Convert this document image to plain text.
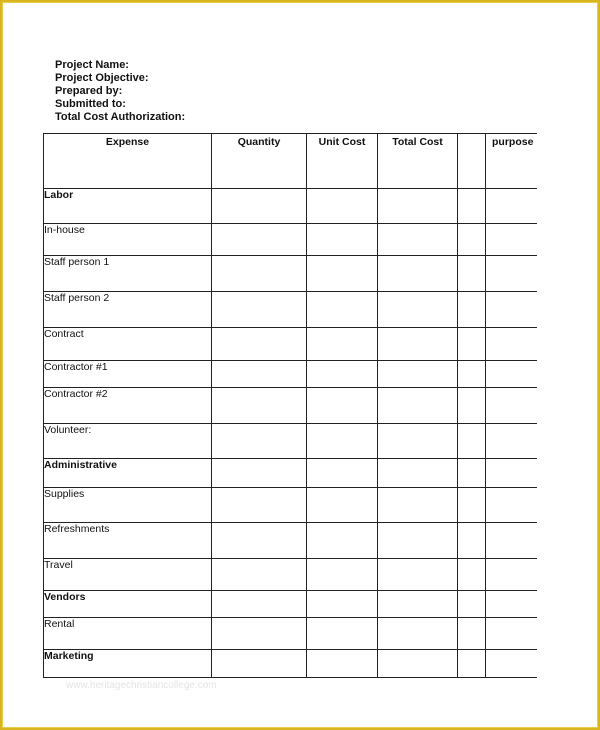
Project Name:
Project Objective:
Prepared by:
Submitted to:
Total Cost Authorization:
Expense	Quantity	Unit Cost	Total Cost		purpose
Labor					
In-house					
Staff person 1					
Staff person 2					
Contract					
Contractor #1					
Contractor #2					
Volunteer:					
Administrative					
Supplies					
Refreshments					
Travel					
Vendors					
Rental					
Marketing					
www.heritagechristiancollege.com
